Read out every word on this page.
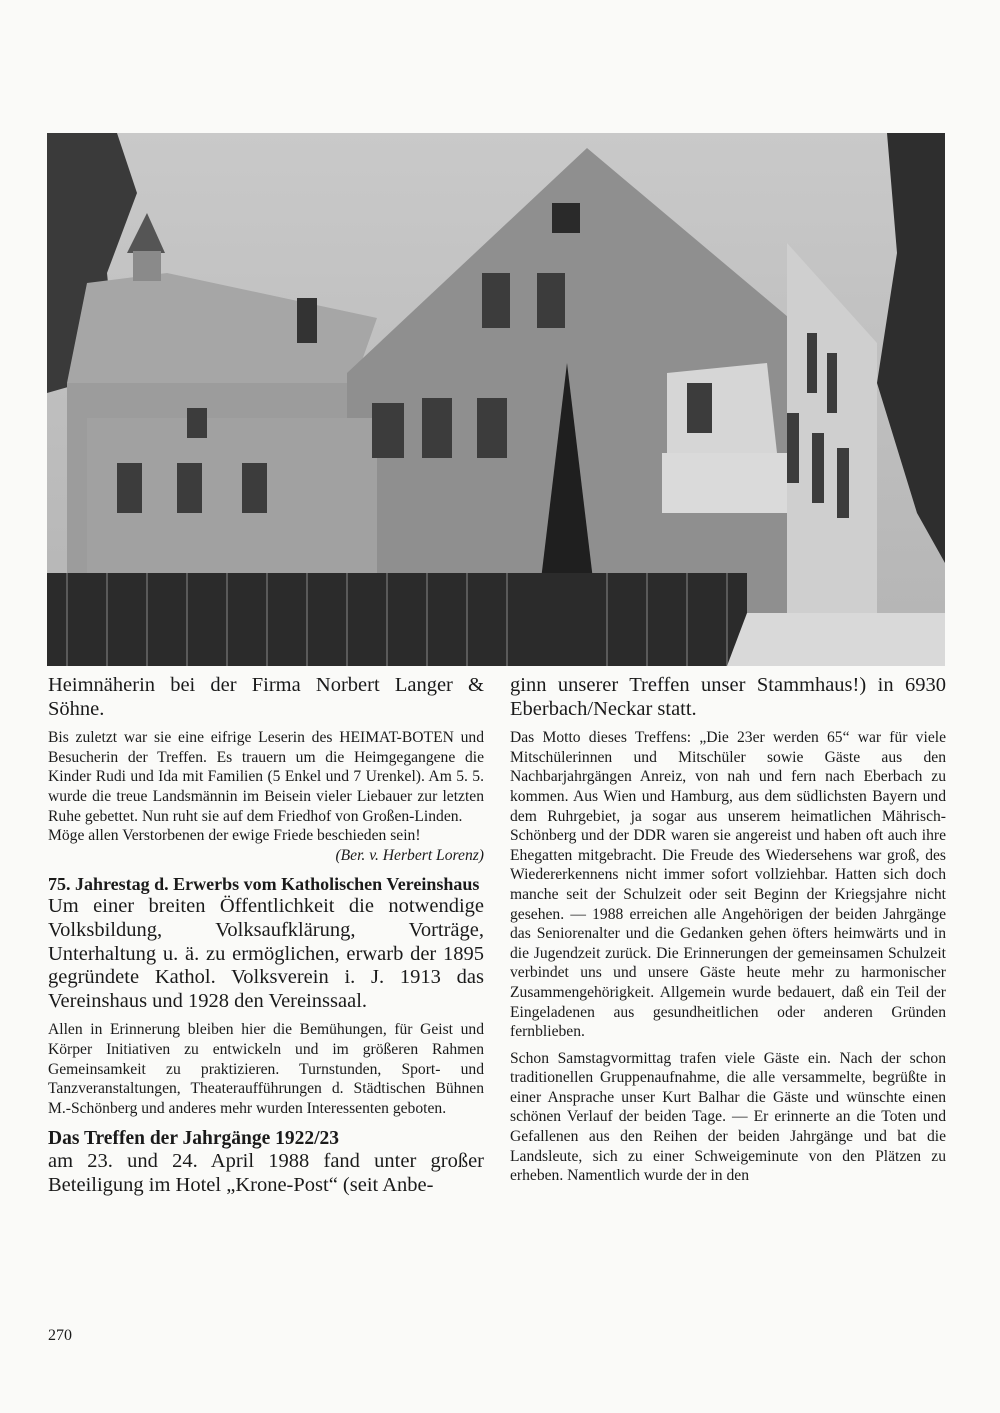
Heimnäherin bei der Firma Norbert Langer & Söhne.

Bis zuletzt war sie eine eifrige Leserin des HEIMAT-BOTEN und Besucherin der Treffen. Es trauern um die Heimgegangene die Kinder Rudi und Ida mit Familien (5 Enkel und 7 Urenkel). Am 5. 5. wurde die treue Landsmännin im Beisein vieler Liebauer zur letzten Ruhe gebettet. Nun ruht sie auf dem Friedhof von Großen-Linden.

Möge allen Verstorbenen der ewige Friede beschieden sein!

(Ber. v. Herbert Lorenz)

75. Jahrestag d. Erwerbs vom Katholischen Vereinshaus

Um einer breiten Öffentlichkeit die notwendige Volksbildung, Volksaufklärung, Vorträge, Unterhaltung u. ä. zu ermöglichen, erwarb der 1895 gegründete Kathol. Volksverein i. J. 1913 das Vereinshaus und 1928 den Vereinssaal.

Allen in Erinnerung bleiben hier die Bemühungen, für Geist und Körper Initiativen zu entwickeln und im größeren Rahmen Gemeinsamkeit zu praktizieren. Turnstunden, Sport- und Tanzveranstaltungen, Theateraufführungen d. Städtischen Bühnen M.-Schönberg und anderes mehr wurden Interessenten geboten.

Das Treffen der Jahrgänge 1922/23

am 23. und 24. April 1988 fand unter großer Beteiligung im Hotel „Krone-Post“ (seit Anbe-

ginn unserer Treffen unser Stammhaus!) in 6930 Eberbach/Neckar statt.

Das Motto dieses Treffens: „Die 23er werden 65“ war für viele Mitschülerinnen und Mitschüler sowie Gäste aus den Nachbarjahrgängen Anreiz, von nah und fern nach Eberbach zu kommen. Aus Wien und Hamburg, aus dem südlichsten Bayern und dem Ruhrgebiet, ja sogar aus unserem heimatlichen Mährisch-Schönberg und der DDR waren sie angereist und haben oft auch ihre Ehegatten mitgebracht. Die Freude des Wiedersehens war groß, des Wiedererkennens nicht immer sofort vollziehbar. Hatten sich doch manche seit der Schulzeit oder seit Beginn der Kriegsjahre nicht gesehen. — 1988 erreichen alle Angehörigen der beiden Jahrgänge das Seniorenalter und die Gedanken gehen öfters heimwärts und in die Jugendzeit zurück. Die Erinnerungen der gemeinsamen Schulzeit verbindet uns und unsere Gäste heute mehr zu harmonischer Zusammengehörigkeit. Allgemein wurde bedauert, daß ein Teil der Eingeladenen aus gesundheitlichen oder anderen Gründen fernblieben.

Schon Samstagvormittag trafen viele Gäste ein. Nach der schon traditionellen Gruppenaufnahme, die alle versammelte, begrüßte in einer Ansprache unser Kurt Balhar die Gäste und wünschte einen schönen Verlauf der beiden Tage. — Er erinnerte an die Toten und Gefallenen aus den Reihen der beiden Jahrgänge und bat die Landsleute, sich zu einer Schweigeminute von den Plätzen zu erheben. Namentlich wurde der in den

270
